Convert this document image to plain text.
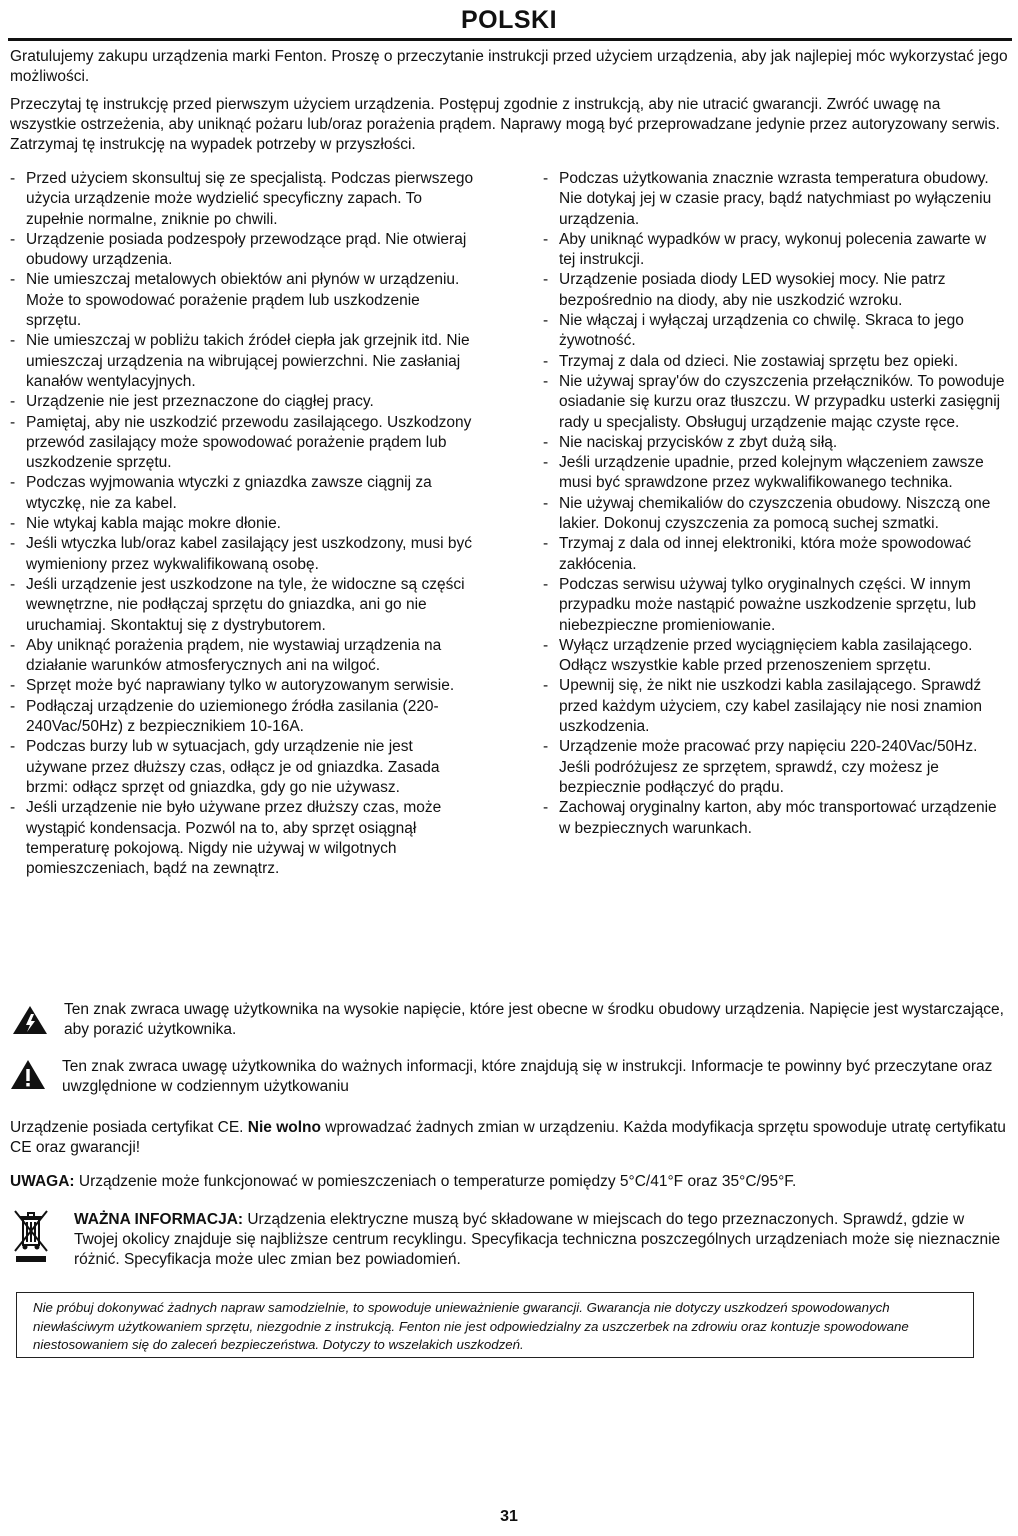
POLSKI

Gratulujemy zakupu urządzenia marki Fenton. Proszę o przeczytanie instrukcji przed użyciem urządzenia, aby jak najlepiej móc wykorzystać jego możliwości.

Przeczytaj tę instrukcję przed pierwszym użyciem urządzenia. Postępuj zgodnie z instrukcją, aby nie utracić gwarancji. Zwróć uwagę na wszystkie ostrzeżenia, aby uniknąć pożaru lub/oraz porażenia prądem. Naprawy mogą być przeprowadzane jedynie przez autoryzowany serwis. Zatrzymaj tę instrukcję na wypadek potrzeby w przyszłości.

- Przed użyciem skonsultuj się ze specjalistą. Podczas pierwszego użycia urządzenie może wydzielić specyficzny zapach. To zupełnie normalne, zniknie po chwili.
- Urządzenie posiada podzespoły przewodzące prąd. Nie otwieraj obudowy urządzenia.
- Nie umieszczaj metalowych obiektów ani płynów w urządzeniu. Może to spowodować porażenie prądem lub uszkodzenie sprzętu.
- Nie umieszczaj w pobliżu takich źródeł ciepła jak grzejnik itd. Nie umieszczaj urządzenia na wibrującej powierzchni. Nie zasłaniaj kanałów wentylacyjnych.
- Urządzenie nie jest przeznaczone do ciągłej pracy.
- Pamiętaj, aby nie uszkodzić przewodu zasilającego. Uszkodzony przewód zasilający może spowodować porażenie prądem lub uszkodzenie sprzętu.
- Podczas wyjmowania wtyczki z gniazdka zawsze ciągnij za wtyczkę, nie za kabel.
- Nie wtykaj kabla mając mokre dłonie.
- Jeśli wtyczka lub/oraz kabel zasilający jest uszkodzony, musi być wymieniony przez wykwalifikowaną osobę.
- Jeśli urządzenie jest uszkodzone na tyle, że widoczne są części wewnętrzne, nie podłączaj sprzętu do gniazdka, ani go nie uruchamiaj. Skontaktuj się z dystrybutorem.
- Aby uniknąć porażenia prądem, nie wystawiaj urządzenia na działanie warunków atmosferycznych ani na wilgoć.
- Sprzęt może być naprawiany tylko w autoryzowanym serwisie.
- Podłączaj urządzenie do uziemionego źródła zasilania (220-240Vac/50Hz) z bezpiecznikiem 10-16A.
- Podczas burzy lub w sytuacjach, gdy urządzenie nie jest używane przez dłuższy czas, odłącz je od gniazdka. Zasada brzmi: odłącz sprzęt od gniazdka, gdy go nie używasz.
- Jeśli urządzenie nie było używane przez dłuższy czas, może wystąpić kondensacja. Pozwól na to, aby sprzęt osiągnął temperaturę pokojową. Nigdy nie używaj w wilgotnych pomieszczeniach, bądź na zewnątrz.
- Podczas użytkowania znacznie wzrasta temperatura obudowy. Nie dotykaj jej w czasie pracy, bądź natychmiast po wyłączeniu urządzenia.
- Aby uniknąć wypadków w pracy, wykonuj polecenia zawarte w tej instrukcji.
- Urządzenie posiada diody LED wysokiej mocy. Nie patrz bezpośrednio na diody, aby nie uszkodzić wzroku.
- Nie włączaj i wyłączaj urządzenia co chwilę. Skraca to jego żywotność.
- Trzymaj z dala od dzieci. Nie zostawiaj sprzętu bez opieki.
- Nie używaj spray'ów do czyszczenia przełączników. To powoduje osiadanie się kurzu oraz tłuszczu. W przypadku usterki zasięgnij rady u specjalisty. Obsługuj urządzenie mając czyste ręce.
- Nie naciskaj przycisków z zbyt dużą siłą.
- Jeśli urządzenie upadnie, przed kolejnym włączeniem zawsze musi być sprawdzone przez wykwalifikowanego technika.
- Nie używaj chemikaliów do czyszczenia obudowy. Niszczą one lakier. Dokonuj czyszczenia za pomocą suchej szmatki.
- Trzymaj z dala od innej elektroniki, która może spowodować zakłócenia.
- Podczas serwisu używaj tylko oryginalnych części. W innym przypadku może nastąpić poważne uszkodzenie sprzętu, lub niebezpieczne promieniowanie.
- Wyłącz urządzenie przed wyciągnięciem kabla zasilającego. Odłącz wszystkie kable przed przenoszeniem sprzętu.
- Upewnij się, że nikt nie uszkodzi kabla zasilającego. Sprawdź przed każdym użyciem, czy kabel zasilający nie nosi znamion uszkodzenia.
- Urządzenie może pracować przy napięciu 220-240Vac/50Hz. Jeśli podróżujesz ze sprzętem, sprawdź, czy możesz je bezpiecznie podłączyć do prądu.
- Zachowaj oryginalny karton, aby móc transportować urządzenie w bezpiecznych warunkach.
Ten znak zwraca uwagę użytkownika na wysokie napięcie, które jest obecne w środku obudowy urządzenia. Napięcie jest wystarczające, aby porazić użytkownika.
Ten znak zwraca uwagę użytkownika do ważnych informacji, które znajdują się w instrukcji. Informacje te powinny być przeczytane oraz uwzględnione w codziennym użytkowaniu

Urządzenie posiada certyfikat CE. Nie wolno wprowadzać żadnych zmian w urządzeniu. Każda modyfikacja sprzętu spowoduje utratę certyfikatu CE oraz gwarancji!

UWAGA: Urządzenie może funkcjonować w pomieszczeniach o temperaturze pomiędzy 5°C/41°F oraz 35°C/95°F.

WAŻNA INFORMACJA: Urządzenia elektryczne muszą być składowane w miejscach do tego przeznaczonych. Sprawdź, gdzie w Twojej okolicy znajduje się najbliższe centrum recyklingu. Specyfikacja techniczna poszczególnych urządzeniach może się nieznacznie różnić. Specyfikacja może ulec zmian bez powiadomień.

Nie próbuj dokonywać żadnych napraw samodzielnie, to spowoduje unieważnienie gwarancji. Gwarancja nie dotyczy uszkodzeń spowodowanych niewłaściwym użytkowaniem sprzętu, niezgodnie z instrukcją. Fenton nie jest odpowiedzialny za uszczerbek na zdrowiu oraz kontuzje spowodowane niestosowaniem się do zaleceń bezpieczeństwa. Dotyczy to wszelakich uszkodzeń.
31
